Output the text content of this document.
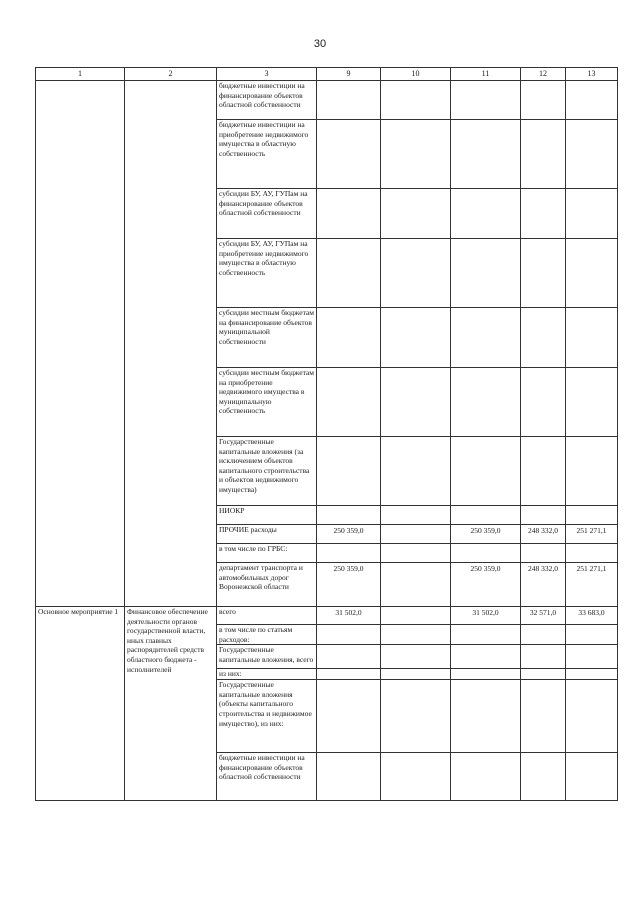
30
1	2	3	9	10	11	12	13
		бюджетные инвестиции на финансирование объектов областной собственности					
		бюджетные инвестиции на приобретение недвижимого имущества в областную собственность					
		субсидии БУ, АУ, ГУПам на финансирование объектов областной собственности					
		субсидии БУ, АУ, ГУПам на приобретение недвижимого имущества в областную собственность					
		субсидии местным бюджетам на финансирование объектов муниципальной собственности					
		субсидии местным бюджетам на приобретение недвижимого имущества в муниципальную собственность					
		Государственные капитальные вложения (за исключением объектов капитального строительства и объектов недвижимого имущества)					
		НИОКР					
		ПРОЧИЕ расходы	250 359,0		250 359,0	248 332,0	251 271,1
		в том числе по ГРБС:					
		департамент транспорта и автомобильных дорог Воронежской области	250 359,0		250 359,0	248 332,0	251 271,1
Основное мероприятие 1	Финансовое обеспечение деятельности органов государственной власти, иных главных распорядителей средств областного бюджета - исполнителей	всего	31 502,0		31 502,0	32 571,0	33 683,0
		в том числе по статьям расходов:					
		Государственные капитальные вложения, всего					
		из них:					
		Государственные капитальные вложения (объекты капитального строительства и недвижимое имущество), из них:					
		бюджетные инвестиции на финансирование объектов областной собственности					
